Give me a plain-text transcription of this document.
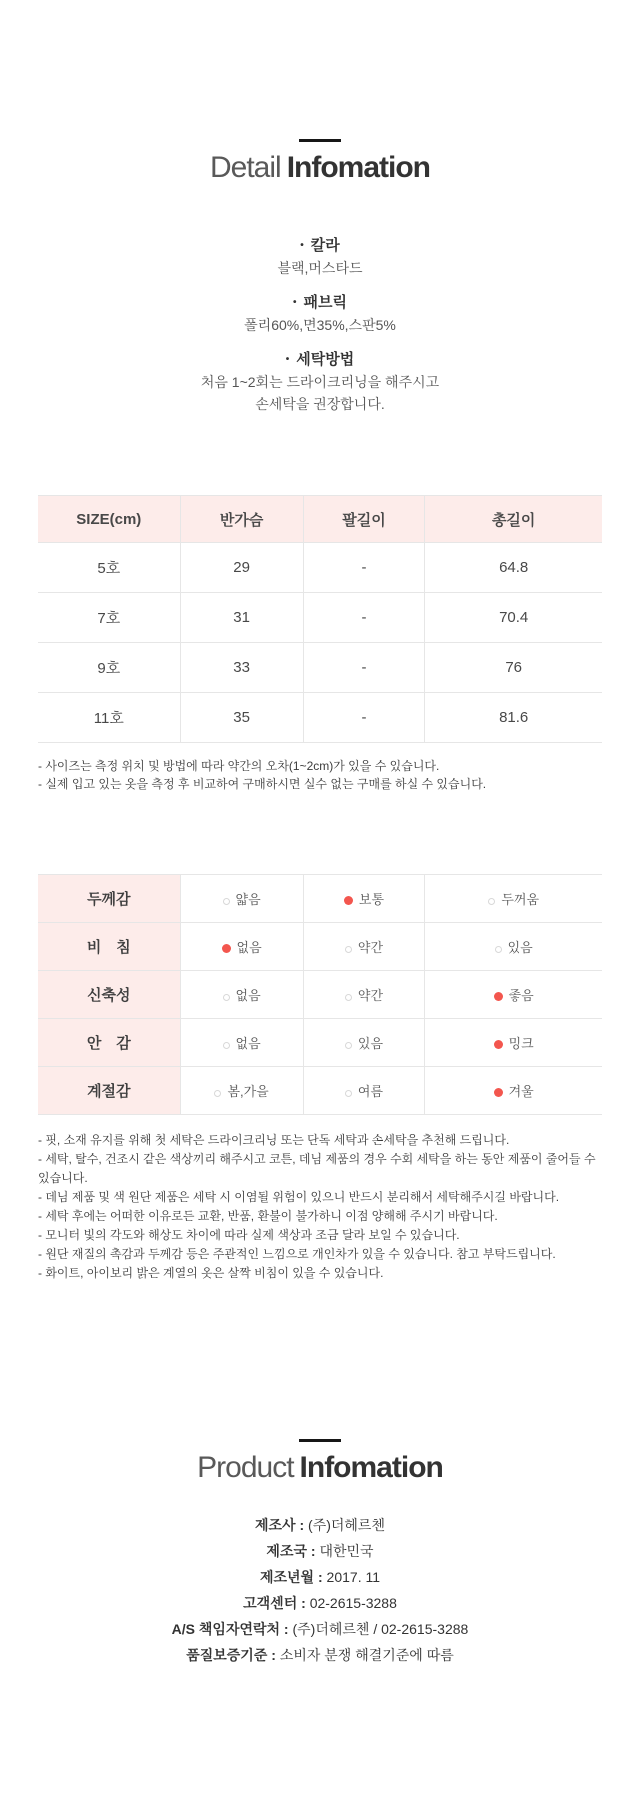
Detail Infomation
• 칼라
블랙,머스타드
• 패브릭
폴리60%,면35%,스판5%
• 세탁방법
처음 1~2회는 드라이크리닝을 해주시고
손세탁을 권장합니다.
SIZE(cm)	반가슴	팔길이	총길이
5호	29	-	64.8
7호	31	-	70.4
9호	33	-	76
11호	35	-	81.6
- 사이즈는 측정 위치 및 방법에 따라 약간의 오차(1~2cm)가 있을 수 있습니다.
- 실제 입고 있는 옷을 측정 후 비교하여 구매하시면 실수 없는 구매를 하실 수 있습니다.
두께감	얇음	보통	두꺼움
비　침	없음	약간	있음
신축성	없음	약간	좋음
안　감	없음	있음	밍크
계절감	봄,가을	여름	겨울
- 핏, 소재 유지를 위해 첫 세탁은 드라이크리닝 또는 단독 세탁과 손세탁을 추천해 드립니다.
- 세탁, 탈수, 건조시 같은 색상끼리 해주시고 코튼, 데님 제품의 경우 수회 세탁을 하는 동안 제품이 줄어들 수 있습니다.
- 데님 제품 및 색 원단 제품은 세탁 시 이염될 위험이 있으니 반드시 분리해서 세탁해주시길 바랍니다.
- 세탁 후에는 어떠한 이유로든 교환, 반품, 환불이 불가하니 이점 양해해 주시기 바랍니다.
- 모니터 빛의 각도와 해상도 차이에 따라 실제 색상과 조금 달라 보일 수 있습니다.
- 원단 재질의 촉감과 두께감 등은 주관적인 느낌으로 개인차가 있을 수 있습니다. 참고 부탁드립니다.
- 화이트, 아이보리 밝은 계열의 옷은 살짝 비침이 있을 수 있습니다.
Product Infomation
제조사 : (주)더헤르첸
제조국 : 대한민국
제조년월 : 2017. 11
고객센터 : 02-2615-3288
A/S 책임자연락처 : (주)더헤르첸 / 02-2615-3288
품질보증기준 : 소비자 분쟁 해결기준에 따름
